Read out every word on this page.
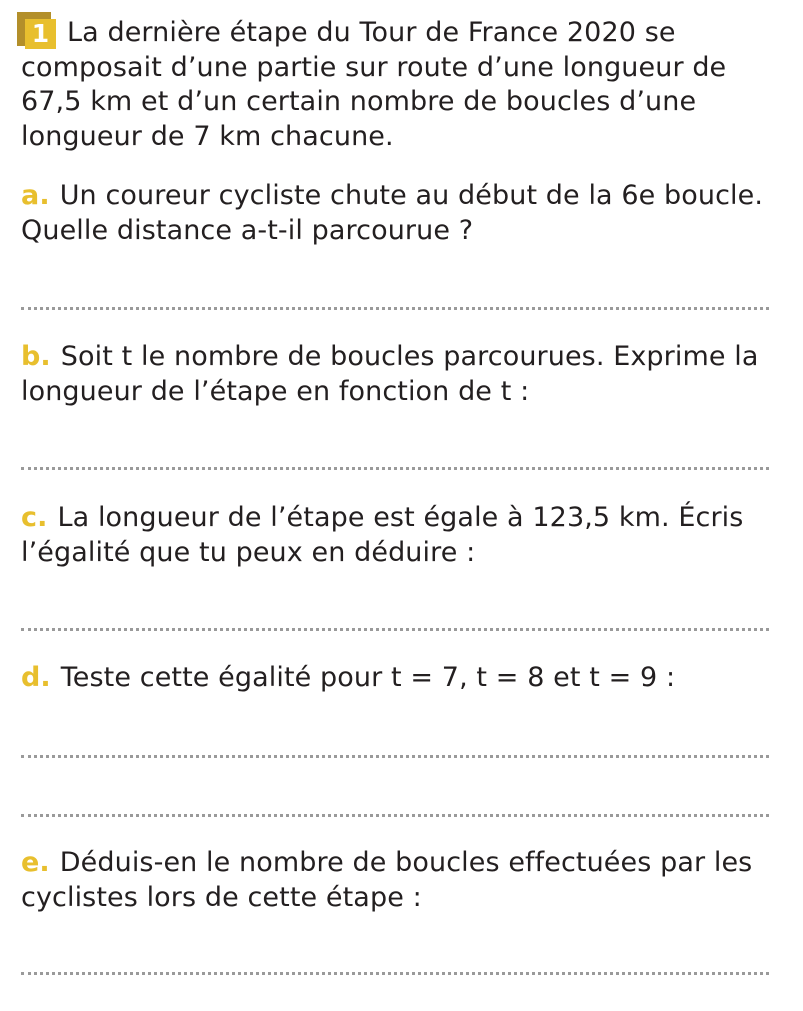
1 La dernière étape du Tour de France 2020 se composait d’une partie sur route d’une longueur de 67,5 km et d’un certain nombre de boucles d’une longueur de 7 km chacune.
a. Un coureur cycliste chute au début de la 6e boucle. Quelle distance a-t-il parcourue ?
b. Soit t le nombre de boucles parcourues. Exprime la longueur de l’étape en fonction de t :
c. La longueur de l’étape est égale à 123,5 km. Écris l’égalité que tu peux en déduire :
d. Teste cette égalité pour t = 7, t = 8 et t = 9 :
e. Déduis-en le nombre de boucles effectuées par les cyclistes lors de cette étape :
